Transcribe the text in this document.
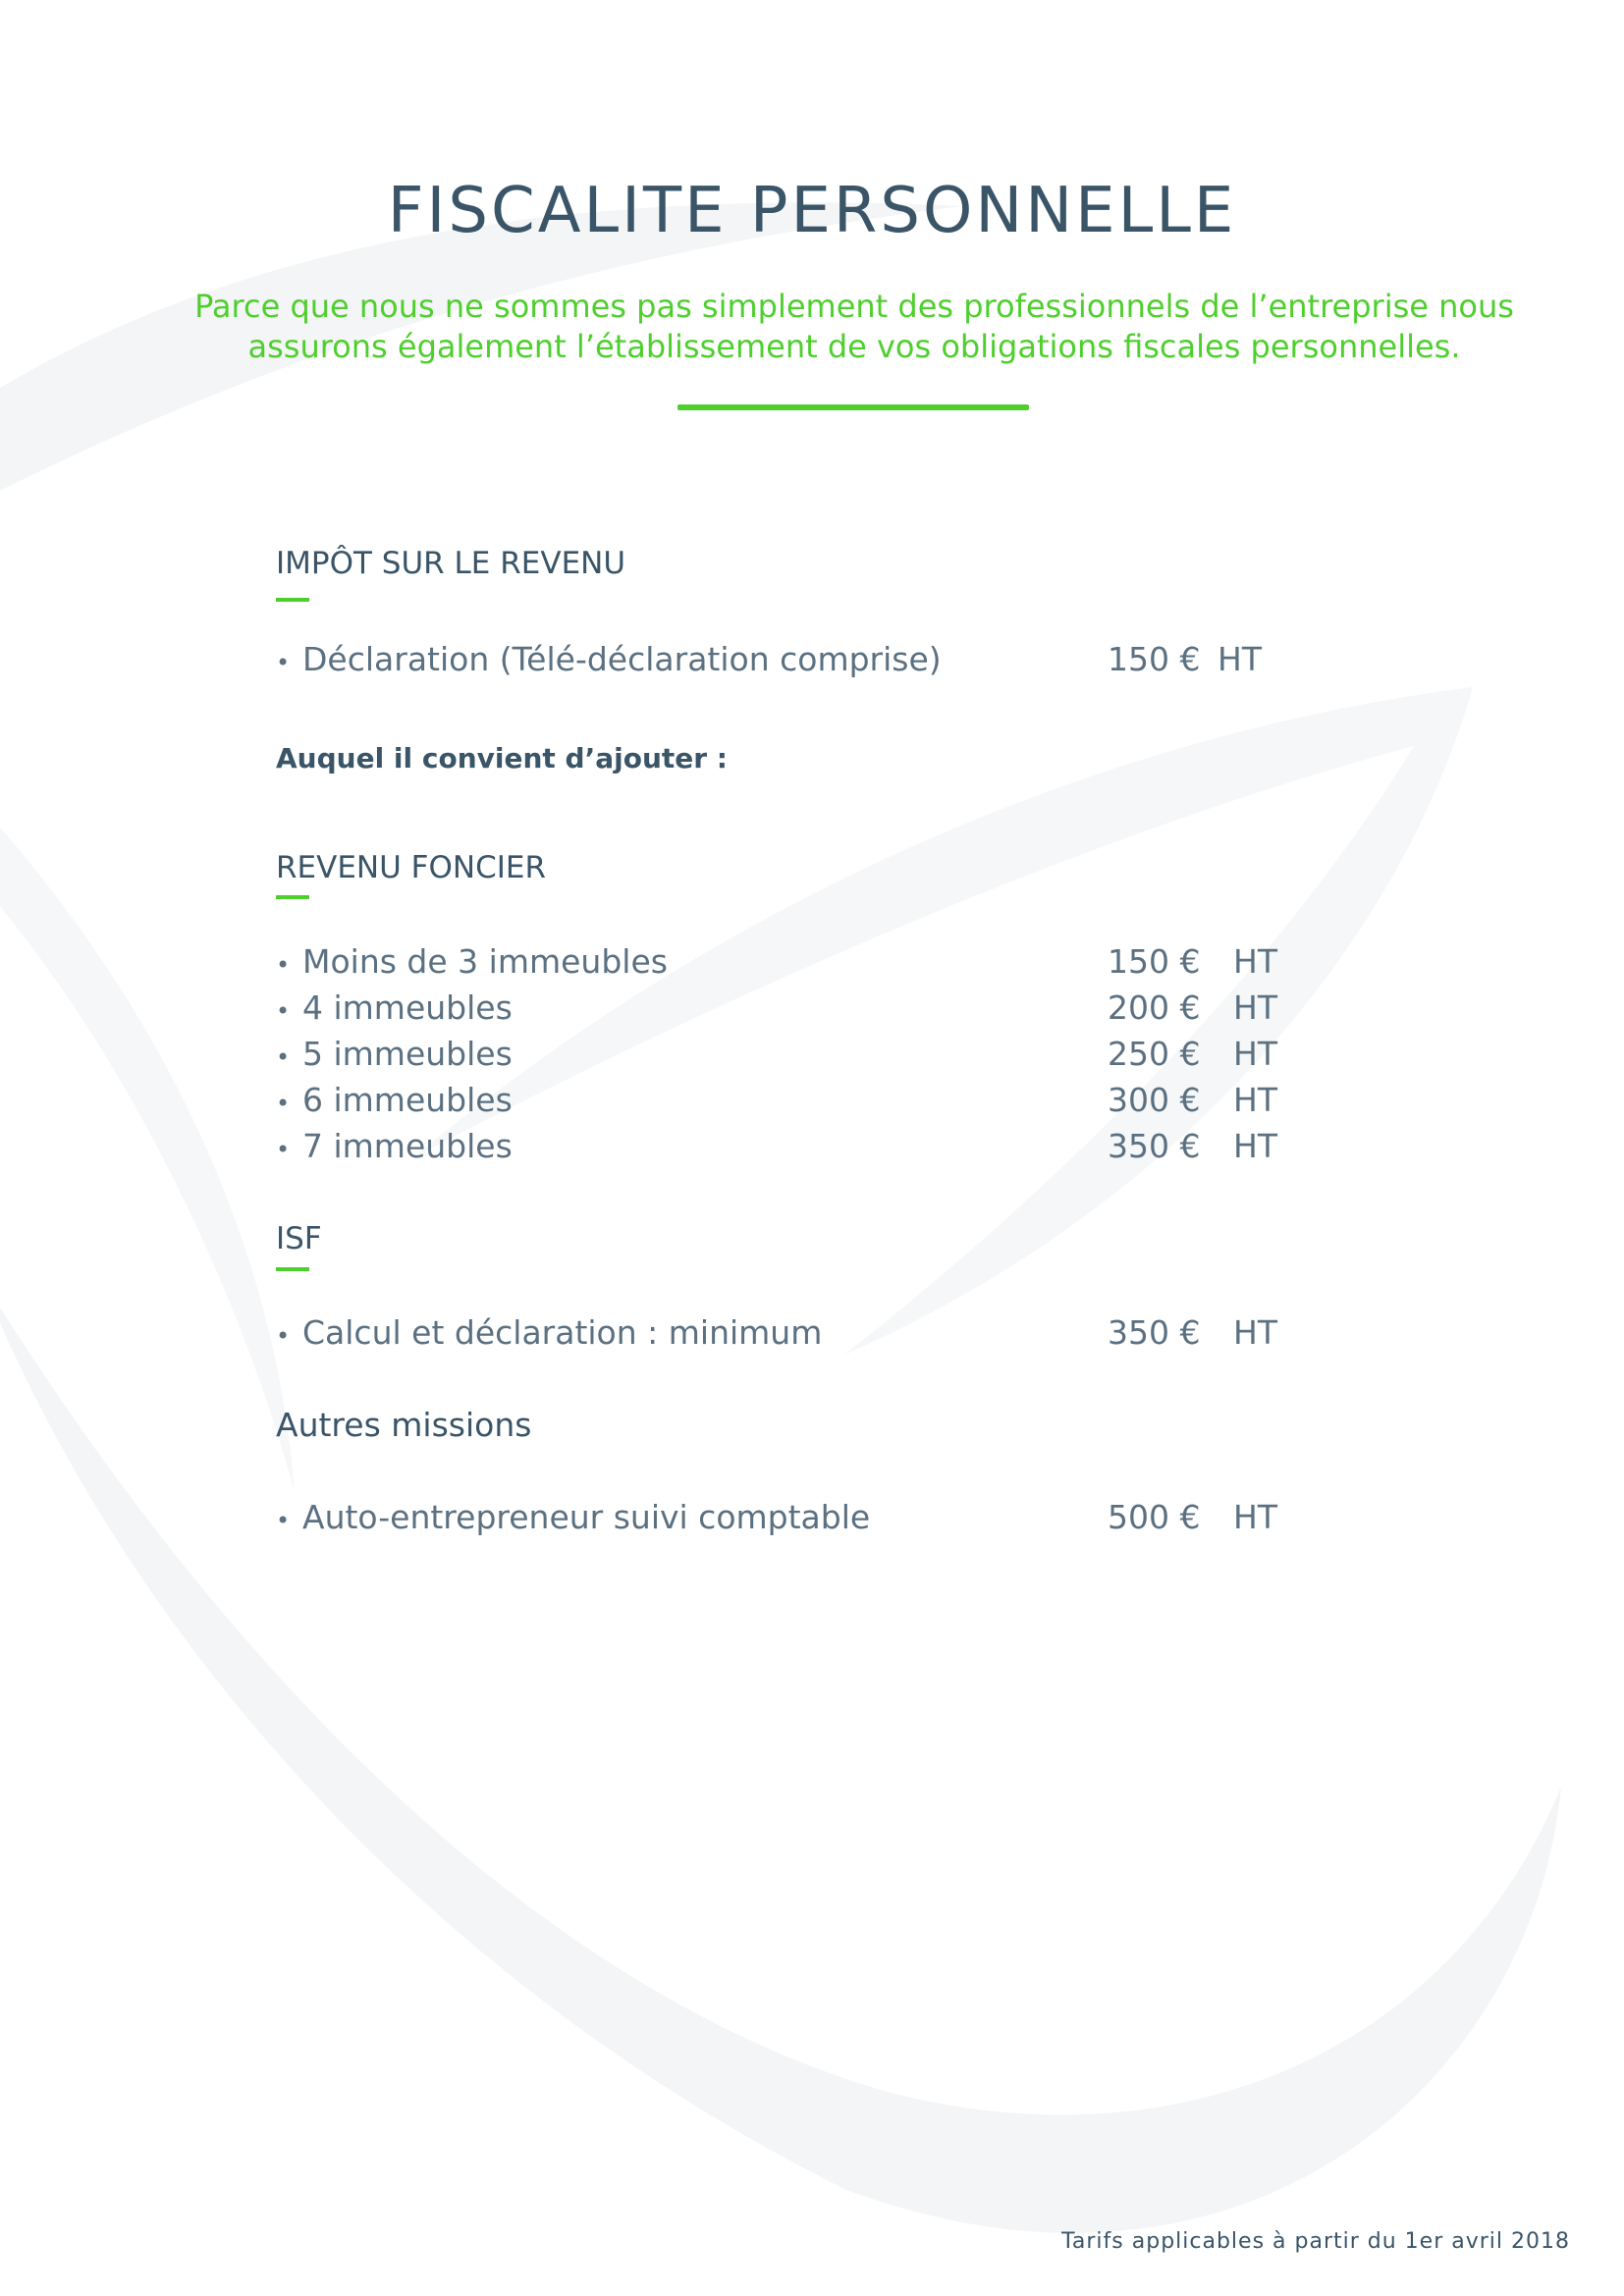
FISCALITE PERSONNELLE

Parce que nous ne sommes pas simplement des professionnels de l’entreprise nous
assurons également l’établissement de vos obligations fiscales personnelles.

IMPÔT SUR LE REVENU
• Déclaration (Télé-déclaration comprise)	150 € HT
Auquel il convient d’ajouter :
REVENU FONCIER
• Moins de 3 immeubles	150 € HT
• 4 immeubles	200 € HT
• 5 immeubles	250 € HT
• 6 immeubles	300 € HT
• 7 immeubles	350 € HT
ISF
• Calcul et déclaration : minimum	350 € HT
Autres missions
• Auto-entrepreneur suivi comptable	500 € HT
Tarifs applicables à partir du 1er avril 2018
